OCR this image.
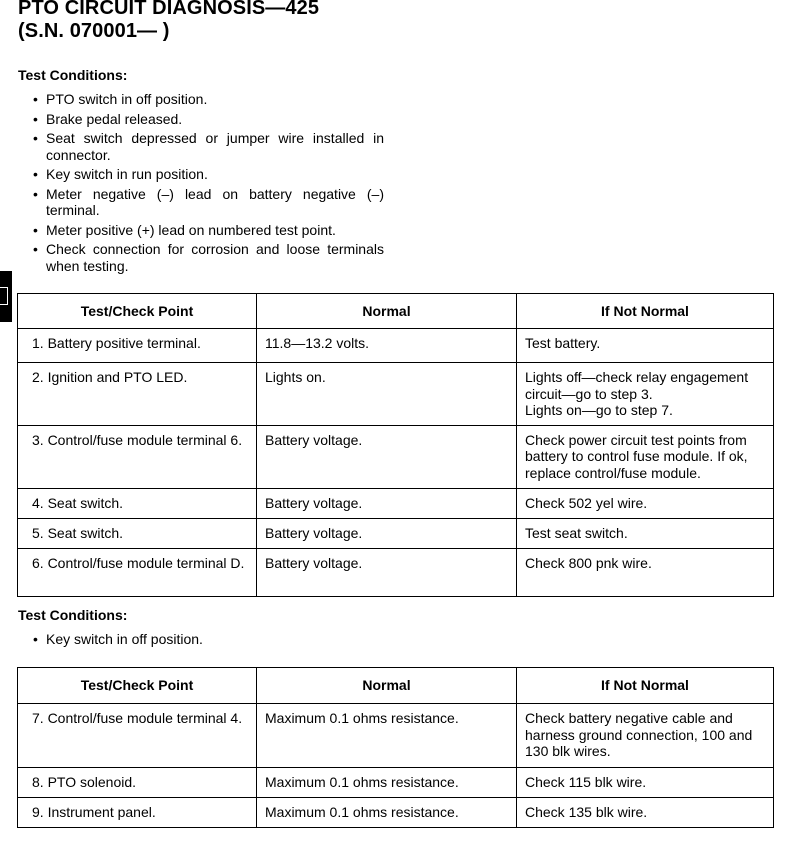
PTO CIRCUIT DIAGNOSIS—425
(S.N. 070001— )
Test Conditions:
• PTO switch in off position.
• Brake pedal released.
• Seat switch depressed or jumper wire installed in connector.
• Key switch in run position.
• Meter negative (–) lead on battery negative (–) terminal.
• Meter positive (+) lead on numbered test point.
• Check connection for corrosion and loose terminals when testing.
Test/Check Point	Normal	If Not Normal

1. Battery positive terminal.	11.8—13.2 volts.	Test battery.

2. Ignition and PTO LED.	Lights on.	Lights off—check relay engagement circuit—go to step 3.
Lights on—go to step 7.

3. Control/fuse module terminal 6.	Battery voltage.	Check power circuit test points from battery to control fuse module. If ok, replace control/fuse module.

4. Seat switch.	Battery voltage.	Check 502 yel wire.

5. Seat switch.	Battery voltage.	Test seat switch.

6. Control/fuse module terminal D.	Battery voltage.	Check 800 pnk wire.
Test Conditions:
• Key switch in off position.
Test/Check Point	Normal	If Not Normal

7. Control/fuse module terminal 4.	Maximum 0.1 ohms resistance.	Check battery negative cable and harness ground connection, 100 and 130 blk wires.

8. PTO solenoid.	Maximum 0.1 ohms resistance.	Check 115 blk wire.

9. Instrument panel.	Maximum 0.1 ohms resistance.	Check 135 blk wire.
